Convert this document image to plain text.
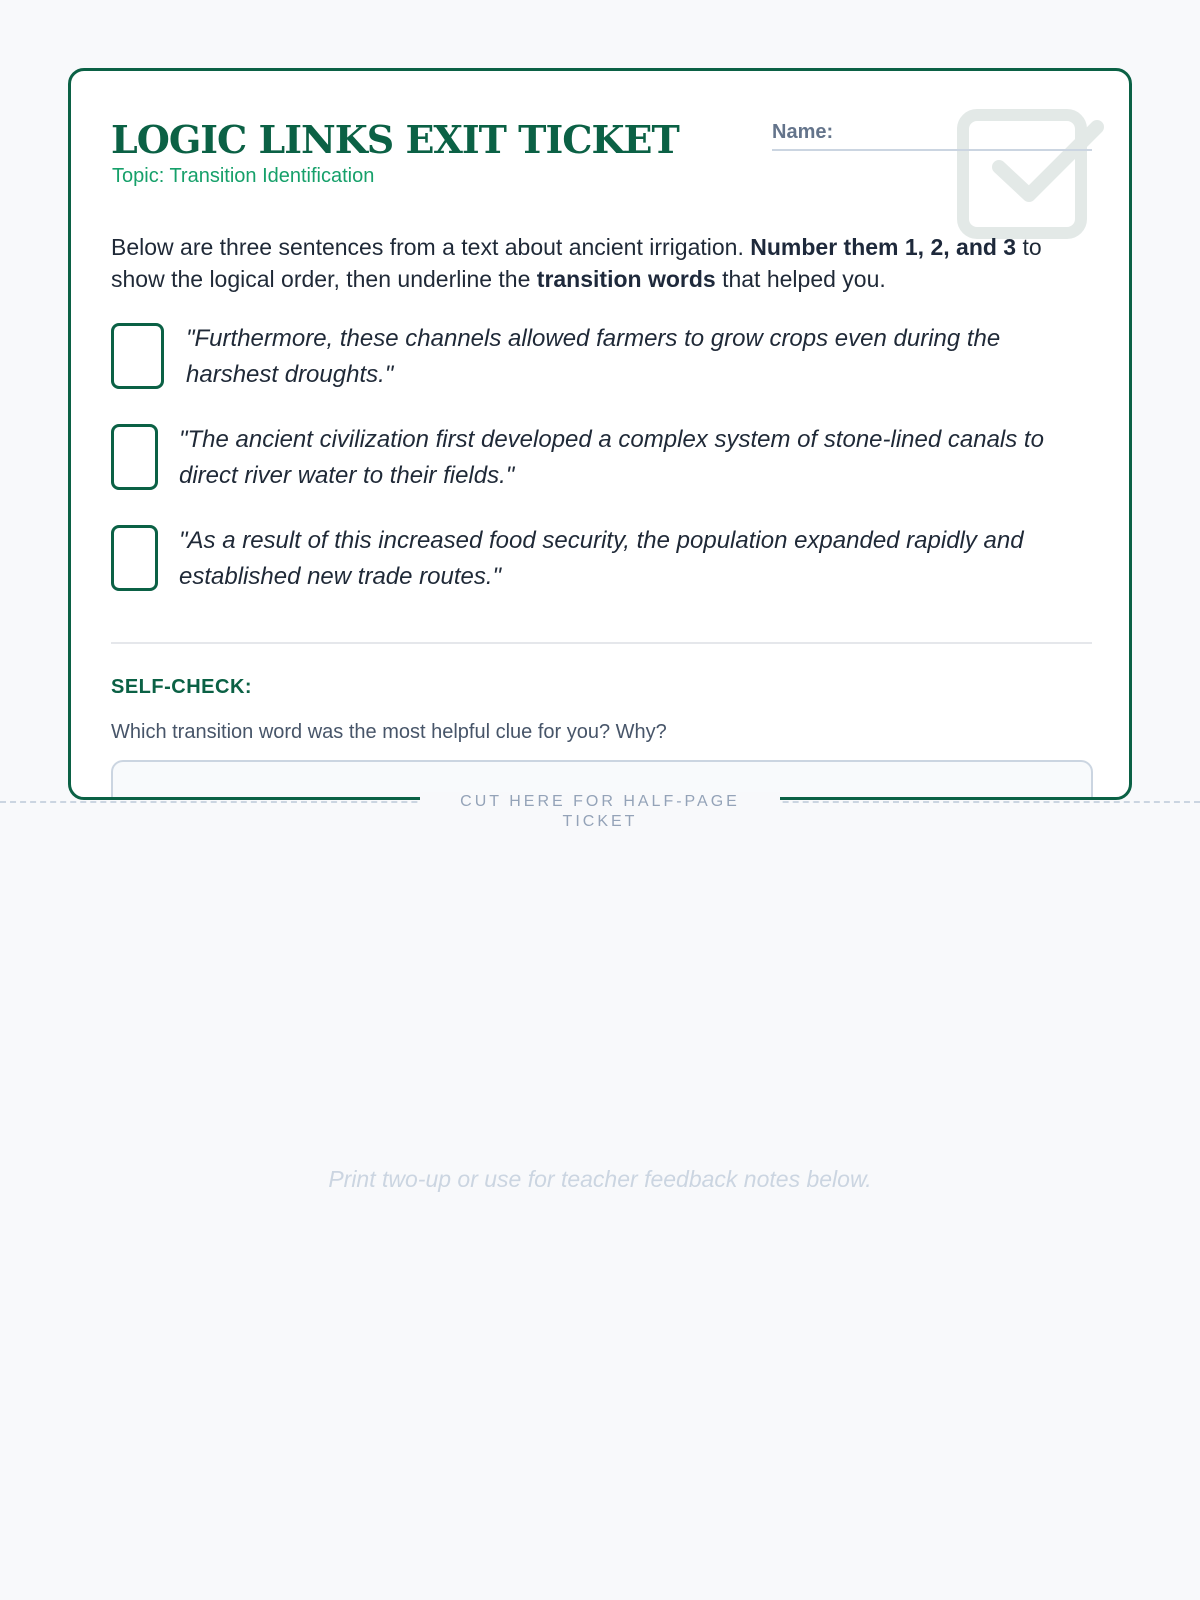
LOGIC LINKS EXIT TICKET
Topic: Transition Identification
Name:
Below are three sentences from a text about ancient irrigation. Number them 1, 2, and 3 to show the logical order, then underline the transition words that helped you.
"Furthermore, these channels allowed farmers to grow crops even during the harshest droughts."
"The ancient civilization first developed a complex system of stone-lined canals to direct river water to their fields."
"As a result of this increased food security, the population expanded rapidly and established new trade routes."
SELF-CHECK:
Which transition word was the most helpful clue for you? Why?
CUT HERE FOR HALF-PAGE TICKET
Print two-up or use for teacher feedback notes below.
